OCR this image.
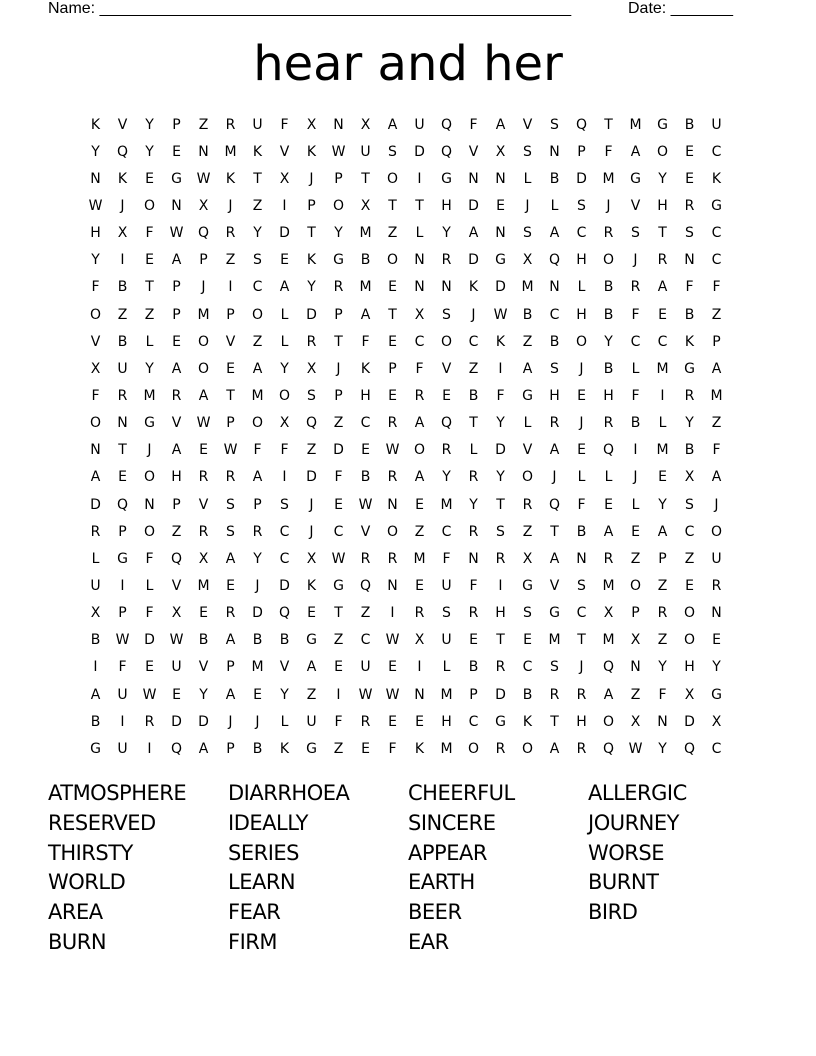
Name: _____________________________________________________	Date: _______
hear and her
K	V	Y	P	Z	R	U	F	X	N	X	A	U	Q	F	A	V	S	Q	T	M	G	B	U
Y	Q	Y	E	N	M	K	V	K	W	U	S	D	Q	V	X	S	N	P	F	A	O	E	C
N	K	E	G	W	K	T	X	J	P	T	O	I	G	N	N	L	B	D	M	G	Y	E	K
W	J	O	N	X	J	Z	I	P	O	X	T	T	H	D	E	J	L	S	J	V	H	R	G
H	X	F	W	Q	R	Y	D	T	Y	M	Z	L	Y	A	N	S	A	C	R	S	T	S	C
Y	I	E	A	P	Z	S	E	K	G	B	O	N	R	D	G	X	Q	H	O	J	R	N	C
F	B	T	P	J	I	C	A	Y	R	M	E	N	N	K	D	M	N	L	B	R	A	F	F
O	Z	Z	P	M	P	O	L	D	P	A	T	X	S	J	W	B	C	H	B	F	E	B	Z
V	B	L	E	O	V	Z	L	R	T	F	E	C	O	C	K	Z	B	O	Y	C	C	K	P
X	U	Y	A	O	E	A	Y	X	J	K	P	F	V	Z	I	A	S	J	B	L	M	G	A
F	R	M	R	A	T	M	O	S	P	H	E	R	E	B	F	G	H	E	H	F	I	R	M
O	N	G	V	W	P	O	X	Q	Z	C	R	A	Q	T	Y	L	R	J	R	B	L	Y	Z
N	T	J	A	E	W	F	F	Z	D	E	W	O	R	L	D	V	A	E	Q	I	M	B	F
A	E	O	H	R	R	A	I	D	F	B	R	A	Y	R	Y	O	J	L	L	J	E	X	A
D	Q	N	P	V	S	P	S	J	E	W	N	E	M	Y	T	R	Q	F	E	L	Y	S	J
R	P	O	Z	R	S	R	C	J	C	V	O	Z	C	R	S	Z	T	B	A	E	A	C	O
L	G	F	Q	X	A	Y	C	X	W	R	R	M	F	N	R	X	A	N	R	Z	P	Z	U
U	I	L	V	M	E	J	D	K	G	Q	N	E	U	F	I	G	V	S	M	O	Z	E	R
X	P	F	X	E	R	D	Q	E	T	Z	I	R	S	R	H	S	G	C	X	P	R	O	N
B	W	D	W	B	A	B	B	G	Z	C	W	X	U	E	T	E	M	T	M	X	Z	O	E
I	F	E	U	V	P	M	V	A	E	U	E	I	L	B	R	C	S	J	Q	N	Y	H	Y
A	U	W	E	Y	A	E	Y	Z	I	W W	N	M	P	D	B	R	R	A	Z	F	X	G
B	I	R	D	D	J	J	L	U	F	R	E	E	H	C	G	K	T	H	O	X	N	D	X
G	U	I	Q	A	P	B	K	G	Z	E	F	K	M	O	R	O	A	R	Q	W	Y	Q	C
ATMOSPHERE	DIARRHOEA	CHEERFUL	ALLERGIC
RESERVED	IDEALLY	SINCERE	JOURNEY
THIRSTY	SERIES	APPEAR	WORSE
WORLD	LEARN	EARTH	BURNT
AREA	FEAR	BEER	BIRD
BURN	FIRM	EAR
